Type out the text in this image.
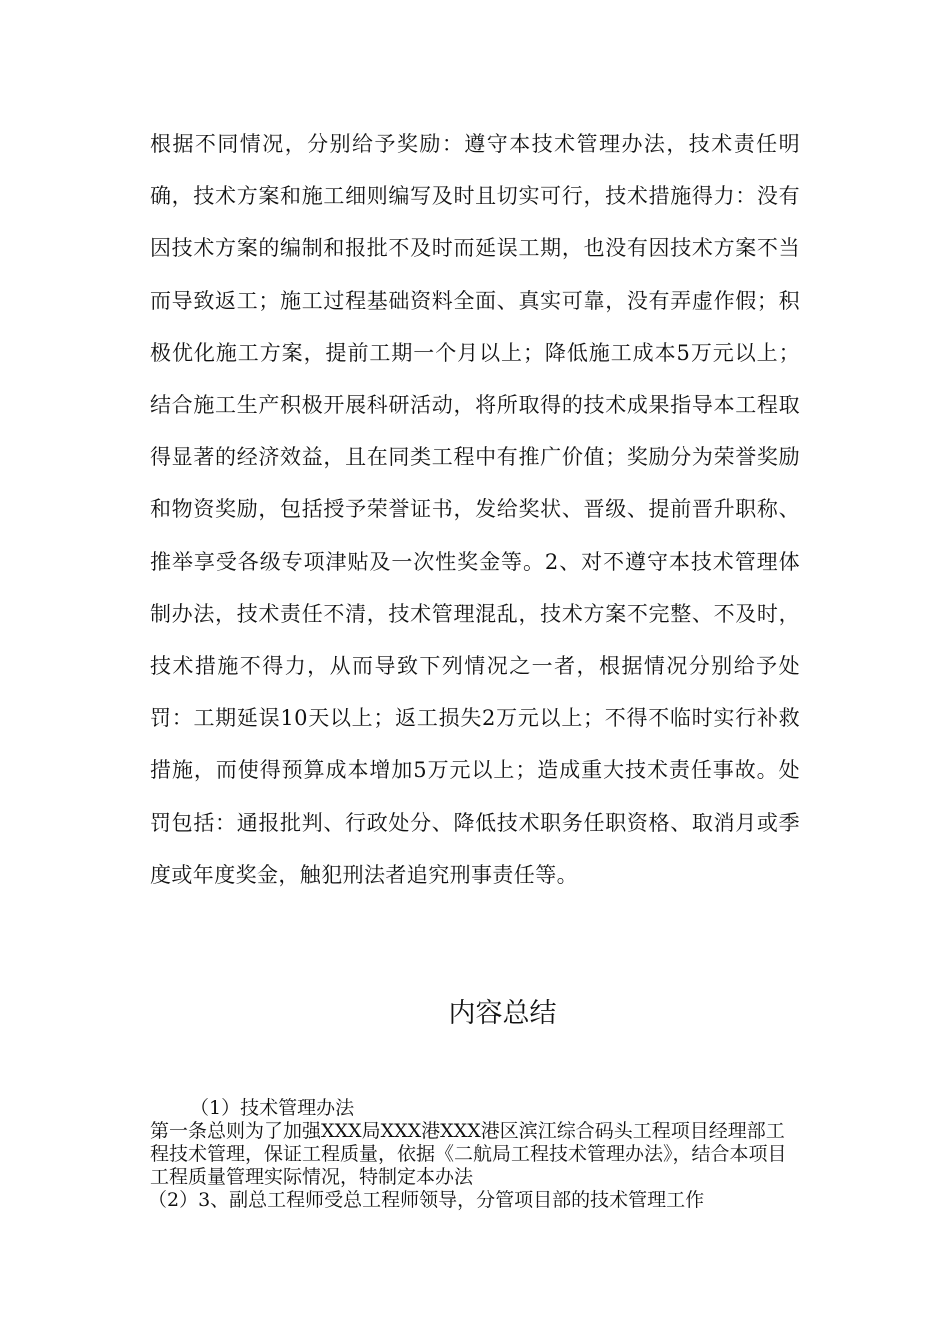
根据不同情况，分别给予奖励：遵守本技术管理办法，技术责任明确，技术方案和施工细则编写及时且切实可行，技术措施得力：没有因技术方案的编制和报批不及时而延误工期，也没有因技术方案不当而导致返工；施工过程基础资料全面、真实可靠，没有弄虚作假；积极优化施工方案，提前工期一个月以上；降低施工成本5万元以上；结合施工生产积极开展科研活动，将所取得的技术成果指导本工程取得显著的经济效益，且在同类工程中有推广价值；奖励分为荣誉奖励和物资奖励，包括授予荣誉证书，发给奖状、晋级、提前晋升职称、推举享受各级专项津贴及一次性奖金等。2、对不遵守本技术管理体制办法，技术责任不清，技术管理混乱，技术方案不完整、不及时，技术措施不得力，从而导致下列情况之一者，根据情况分别给予处罚：工期延误10天以上；返工损失2万元以上；不得不临时实行补救措施，而使得预算成本增加5万元以上；造成重大技术责任事故。处罚包括：通报批判、行政处分、降低技术职务任职资格、取消月或季度或年度奖金，触犯刑法者追究刑事责任等。

内容总结

（1）技术管理办法

第一条总则为了加强XXX局XXX港XXX港区滨江综合码头工程项目经理部工程技术管理，保证工程质量，依据《二航局工程技术管理办法》，结合本项目工程质量管理实际情况，特制定本办法

（2）3、副总工程师受总工程师领导，分管项目部的技术管理工作
